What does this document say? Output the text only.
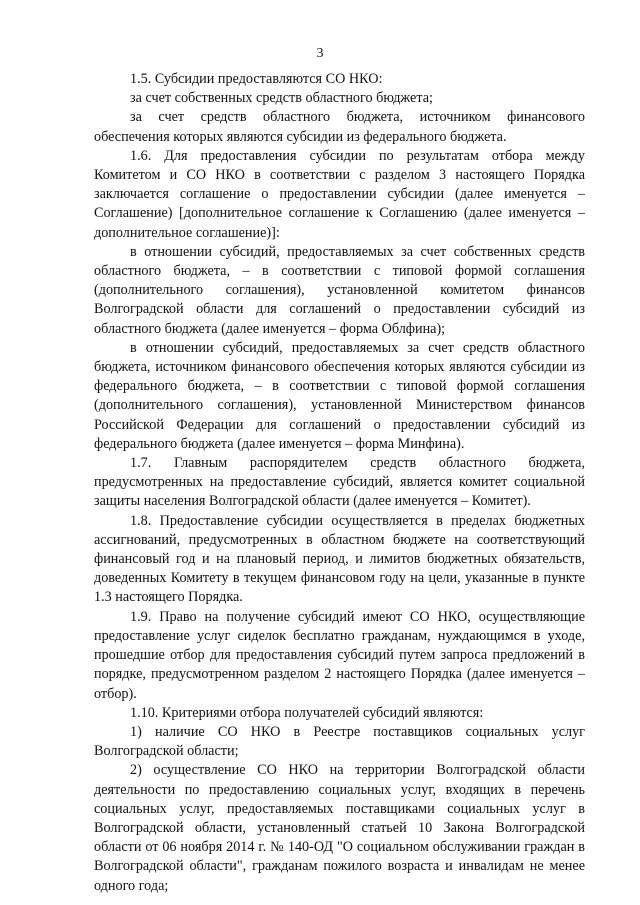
3

1.5. Субсидии предоставляются СО НКО:

за счет собственных средств областного бюджета;

за счет средств областного бюджета, источником финансового обеспечения которых являются субсидии из федерального бюджета.

1.6. Для предоставления субсидии по результатам отбора между Комитетом и СО НКО в соответствии с разделом 3 настоящего Порядка заключается соглашение о предоставлении субсидии (далее именуется – Соглашение) [дополнительное соглашение к Соглашению (далее именуется – дополнительное соглашение)]:

в отношении субсидий, предоставляемых за счет собственных средств областного бюджета, – в соответствии с типовой формой соглашения (дополнительного соглашения), установленной комитетом финансов Волгоградской области для соглашений о предоставлении субсидий из областного бюджета (далее именуется – форма Облфина);

в отношении субсидий, предоставляемых за счет средств областного бюджета, источником финансового обеспечения которых являются субсидии из федерального бюджета, – в соответствии с типовой формой соглашения (дополнительного соглашения), установленной Министерством финансов Российской Федерации для соглашений о предоставлении субсидий из федерального бюджета (далее именуется – форма Минфина).

1.7. Главным распорядителем средств областного бюджета, предусмотренных на предоставление субсидий, является комитет социальной защиты населения Волгоградской области (далее именуется – Комитет).

1.8. Предоставление субсидии осуществляется в пределах бюджетных ассигнований, предусмотренных в областном бюджете на соответствующий финансовый год и на плановый период, и лимитов бюджетных обязательств, доведенных Комитету в текущем финансовом году на цели, указанные в пункте 1.3 настоящего Порядка.

1.9. Право на получение субсидий имеют СО НКО, осуществляющие предоставление услуг сиделок бесплатно гражданам, нуждающимся в уходе, прошедшие отбор для предоставления субсидий путем запроса предложений в порядке, предусмотренном разделом 2 настоящего Порядка (далее именуется – отбор).

1.10. Критериями отбора получателей субсидий являются:

1) наличие СО НКО в Реестре поставщиков социальных услуг Волгоградской области;

2) осуществление СО НКО на территории Волгоградской области деятельности по предоставлению социальных услуг, входящих в перечень социальных услуг, предоставляемых поставщиками социальных услуг в Волгоградской области, установленный статьей 10 Закона Волгоградской области от 06 ноября 2014 г. № 140-ОД "О социальном обслуживании граждан в Волгоградской области", гражданам пожилого возраста и инвалидам не менее одного года;
